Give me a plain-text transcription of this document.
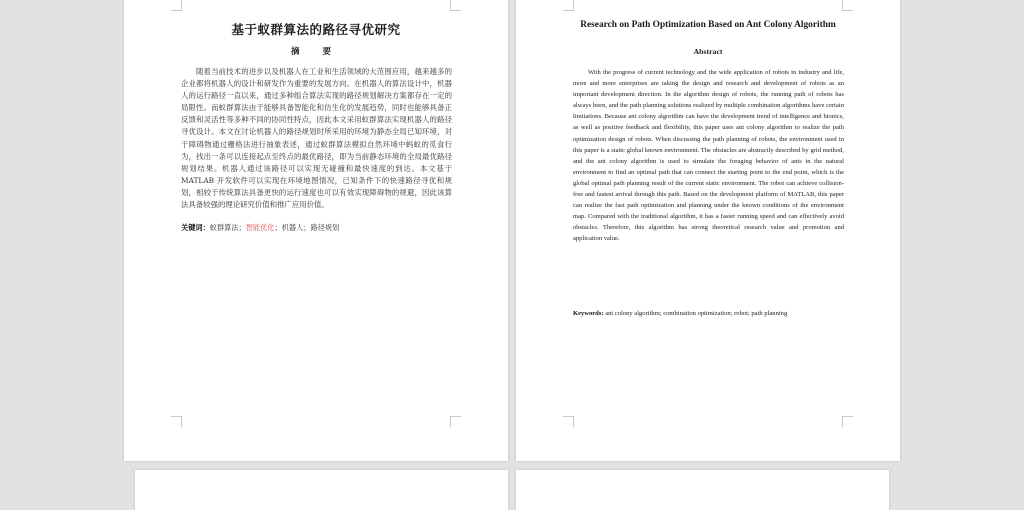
基于蚁群算法的路径寻优研究
摘 要
随着当前技术的进步以及机器人在工业和生活领域的大范围应用，越来越多的企业都将机器人的设计和研发作为重要的发展方向。在机器人的算法设计中，机器人的运行路径一直以来，通过多种组合算法实现的路径规划解决方案都存在一定的局限性。而蚁群算法由于能够具备智能化和仿生化的发展趋势，同时也能够具备正反馈和灵活性等多种不同的协同性特点，因此本文采用蚁群算法实现机器人的路径寻优设计。本文在讨论机器人的路径规划时所采用的环境为静态全局已知环境，对于障碍物通过栅格法进行抽象表述，通过蚁群算法模拟自然环境中蚂蚁的觅食行为，找出一条可以连接起点至终点的最优路径，即为当前静态环境的全局最优路径规划结果。机器人通过该路径可以实现无碰撞和最快速度的到达。本文基于 MATLAB 开发软件可以实现在环境地图情况，已知条件下的快速路径寻优和规划，相较于传统算法具备更快的运行速度也可以有效实现障碍物的规避，因此该算法具备较强的理论研究价值和推广应用价值。
关键词：蚁群算法；智能优化；机器人；路径规划
Research on Path Optimization Based on Ant Colony Algorithm
Abstract
With the progress of current technology and the wide application of robots in industry and life, more and more enterprises are taking the design and research and development of robots as an important development direction. In the algorithm design of robots, the running path of robots has always been, and the path planning solutions realized by multiple combination algorithms have certain limitations. Because ant colony algorithm can have the development trend of intelligence and bionics, as well as positive feedback and flexibility, this paper uses ant colony algorithm to realize the path optimization design of robots. When discussing the path planning of robots, the environment used in this paper is a static global known environment. The obstacles are abstractly described by grid method, and the ant colony algorithm is used to simulate the foraging behavior of ants in the natural environment to find an optimal path that can connect the starting point to the end point, which is the global optimal path planning result of the current static environment. The robot can achieve collision-free and fastest arrival through this path. Based on the development platform of MATLAB, this paper can realize the fast path optimization and planning under the known conditions of the environment map. Compared with the traditional algorithm, it has a faster running speed and can effectively avoid obstacles. Therefore, this algorithm has strong theoretical research value and promotion and application value.
Keywords: ant colony algorithm; combination optimization; robot; path planning
